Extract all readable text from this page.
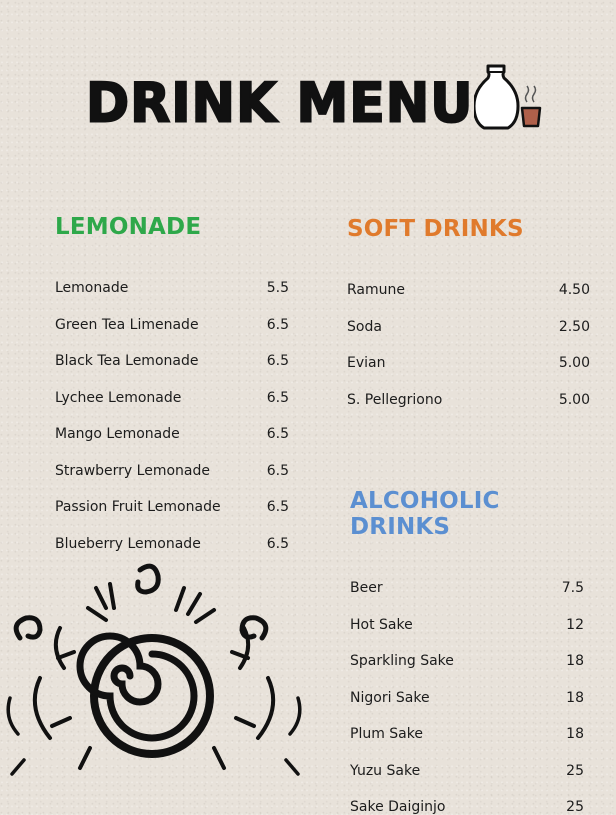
DRINK MENU
LEMONADE
Lemonade	5.5
Green Tea Limenade	6.5
Black Tea Lemonade	6.5
Lychee Lemonade	6.5
Mango Lemonade	6.5
Strawberry Lemonade	6.5
Passion Fruit Lemonade	6.5
Blueberry Lemonade	6.5
SOFT DRINKS
Ramune	4.50
Soda	2.50
Evian	5.00
S. Pellegriono	5.00
ALCOHOLIC DRINKS
Beer	7.5
Hot Sake	12
Sparkling Sake	18
Nigori Sake	18
Plum Sake	18
Yuzu Sake	25
Sake Daiginjo	25
